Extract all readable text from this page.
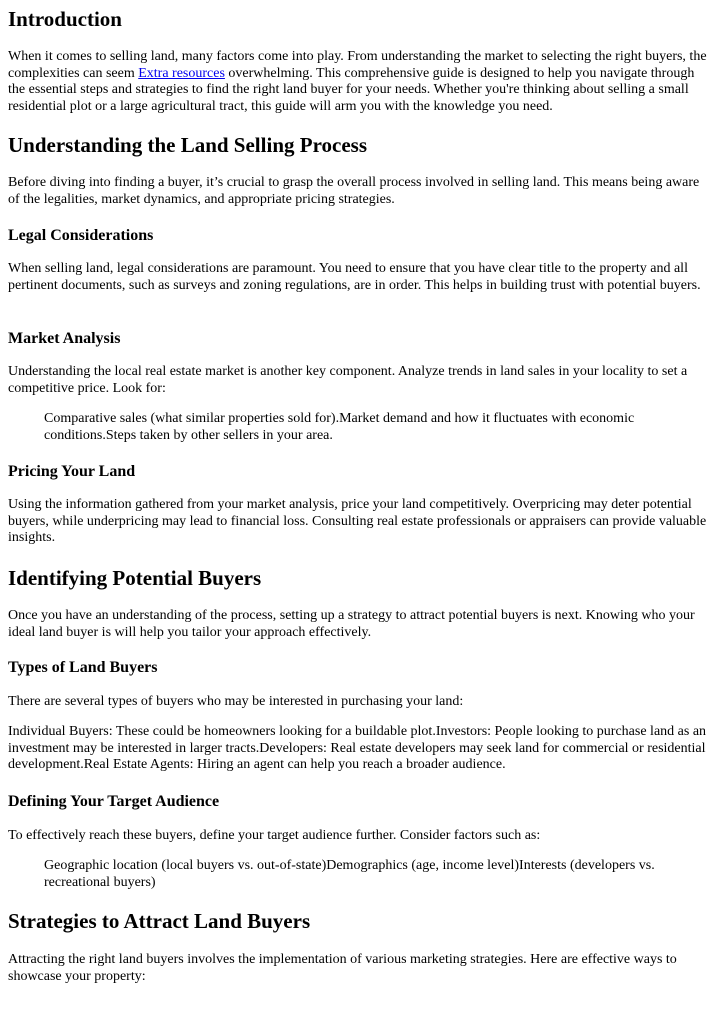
Introduction

When it comes to selling land, many factors come into play. From understanding the market to selecting the right buyers, the complexities can seem Extra resources overwhelming. This comprehensive guide is designed to help you navigate through the essential steps and strategies to find the right land buyer for your needs. Whether you're thinking about selling a small residential plot or a large agricultural tract, this guide will arm you with the knowledge you need.

Understanding the Land Selling Process

Before diving into finding a buyer, it’s crucial to grasp the overall process involved in selling land. This means being aware of the legalities, market dynamics, and appropriate pricing strategies.

Legal Considerations

When selling land, legal considerations are paramount. You need to ensure that you have clear title to the property and all pertinent documents, such as surveys and zoning regulations, are in order. This helps in building trust with potential buyers.

Market Analysis

Understanding the local real estate market is another key component. Analyze trends in land sales in your locality to set a competitive price. Look for:

Comparative sales (what similar properties sold for).Market demand and how it fluctuates with economic conditions.Steps taken by other sellers in your area.
Pricing Your Land

Using the information gathered from your market analysis, price your land competitively. Overpricing may deter potential buyers, while underpricing may lead to financial loss. Consulting real estate professionals or appraisers can provide valuable insights.

Identifying Potential Buyers

Once you have an understanding of the process, setting up a strategy to attract potential buyers is next. Knowing who your ideal land buyer is will help you tailor your approach effectively.

Types of Land Buyers

There are several types of buyers who may be interested in purchasing your land:

Individual Buyers: These could be homeowners looking for a buildable plot.Investors: People looking to purchase land as an investment may be interested in larger tracts.Developers: Real estate developers may seek land for commercial or residential development.Real Estate Agents: Hiring an agent can help you reach a broader audience.

Defining Your Target Audience

To effectively reach these buyers, define your target audience further. Consider factors such as:

Geographic location (local buyers vs. out-of-state)Demographics (age, income level)Interests (developers vs. recreational buyers)
Strategies to Attract Land Buyers

Attracting the right land buyers involves the implementation of various marketing strategies. Here are effective ways to showcase your property:
